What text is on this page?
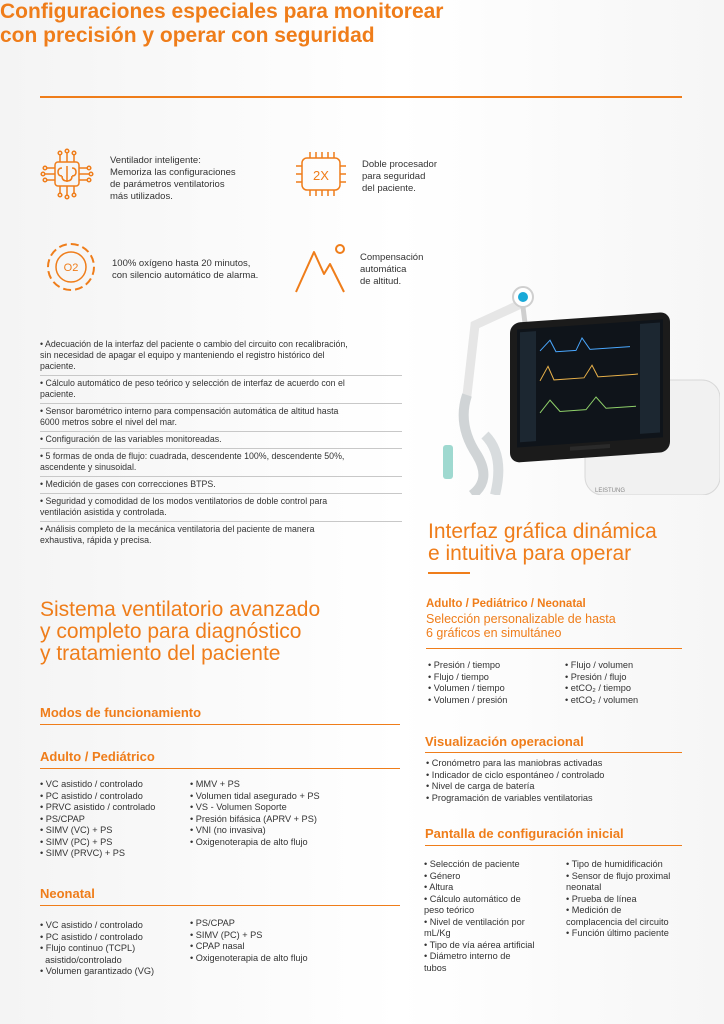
Configuraciones especiales para monitorear
con precisión y operar con seguridad
Ventilador inteligente:
Memoriza las configuraciones
de parámetros ventilatorios
más utilizados.
2X
Doble procesador
para seguridad
del paciente.
O2	100% oxígeno hasta 20 minutos,
con silencio automático de alarma.
Compensación
automática
de altitud.
• Adecuación de la interfaz del paciente o cambio del circuito con recalibración,
sin necesidad de apagar el equipo y manteniendo el registro histórico del
paciente.
• Cálculo automático de peso teórico y selección de interfaz de acuerdo con el
paciente.
• Sensor barométrico interno para compensación automática de altitud hasta
6000 metros sobre el nivel del mar.
• Configuración de las variables monitoreadas.
• 5 formas de onda de flujo: cuadrada, descendente 100%, descendente 50%,
ascendente y sinusoidal.
• Medición de gases con correcciones BTPS.
• Seguridad y comodidad de los modos ventilatorios de doble control para
ventilación asistida y controlada.
• Análisis completo de la mecánica ventilatoria del paciente de manera
exhaustiva, rápida y precisa.
LEISTUNG
Interfaz gráfica dinámica
e intuitiva para operar
Adulto / Pediátrico / Neonatal
Selección personalizable de hasta
6 gráficos en simultáneo
• Presión / tiempo
• Flujo / tiempo
• Volumen / tiempo
• Volumen / presión
• Flujo / volumen
• Presión / flujo
• etCO₂ / tiempo
• etCO₂ / volumen
Visualización operacional
• Cronómetro para las maniobras activadas
• Indicador de ciclo espontáneo / controlado
• Nivel de carga de batería
• Programación de variables ventilatorias
Pantalla de configuración inicial
• Selección de paciente
• Género
• Altura
• Cálculo automático de
peso teórico
• Nivel de ventilación por
mL/Kg
• Tipo de vía aérea artificial
• Diámetro interno de
tubos
• Tipo de humidificación
• Sensor de flujo proximal
neonatal
• Prueba de línea
• Medición de
complacencia del circuito
• Función último paciente
Sistema ventilatorio avanzado
y completo para diagnóstico
y tratamiento del paciente
Modos de funcionamiento
Adulto / Pediátrico
• VC asistido / controlado
• PC asistido / controlado
• PRVC asistido / controlado
• PS/CPAP
• SIMV (VC) + PS
• SIMV (PC) + PS
• SIMV (PRVC) + PS
• MMV + PS
• Volumen tidal asegurado + PS
• VS - Volumen Soporte
• Presión bifásica (APRV + PS)
• VNI (no invasiva)
• Oxigenoterapia de alto flujo
Neonatal
• VC asistido / controlado
• PC asistido / controlado
• Flujo continuo (TCPL)
asistido/controlado
• Volumen garantizado (VG)
• PS/CPAP
• SIMV (PC) + PS
• CPAP nasal
• Oxigenoterapia de alto flujo
